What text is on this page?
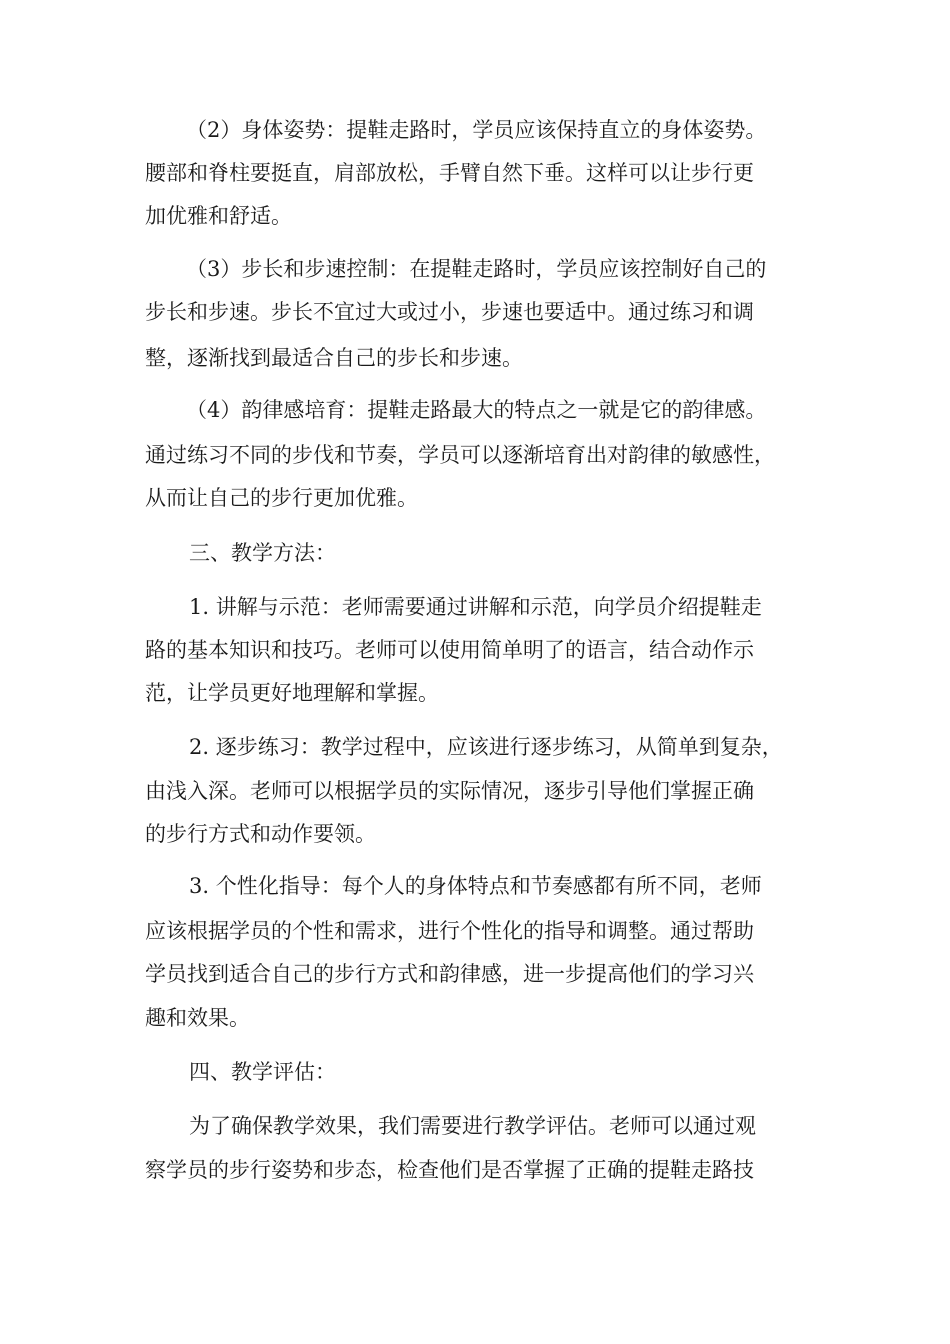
（2）身体姿势：提鞋走路时，学员应该保持直立的身体姿势。
腰部和脊柱要挺直，肩部放松，手臂自然下垂。这样可以让步行更
加优雅和舒适。
（3）步长和步速控制：在提鞋走路时，学员应该控制好自己的
步长和步速。步长不宜过大或过小，步速也要适中。通过练习和调
整，逐渐找到最适合自己的步长和步速。
（4）韵律感培育：提鞋走路最大的特点之一就是它的韵律感。
通过练习不同的步伐和节奏，学员可以逐渐培育出对韵律的敏感性，
从而让自己的步行更加优雅。
三、教学方法：
1. 讲解与示范：老师需要通过讲解和示范，向学员介绍提鞋走
路的基本知识和技巧。老师可以使用简单明了的语言，结合动作示
范，让学员更好地理解和掌握。
2. 逐步练习：教学过程中，应该进行逐步练习，从简单到复杂，
由浅入深。老师可以根据学员的实际情况，逐步引导他们掌握正确
的步行方式和动作要领。
3. 个性化指导：每个人的身体特点和节奏感都有所不同，老师
应该根据学员的个性和需求，进行个性化的指导和调整。通过帮助
学员找到适合自己的步行方式和韵律感，进一步提高他们的学习兴
趣和效果。
四、教学评估：
为了确保教学效果，我们需要进行教学评估。老师可以通过观
察学员的步行姿势和步态，检查他们是否掌握了正确的提鞋走路技
